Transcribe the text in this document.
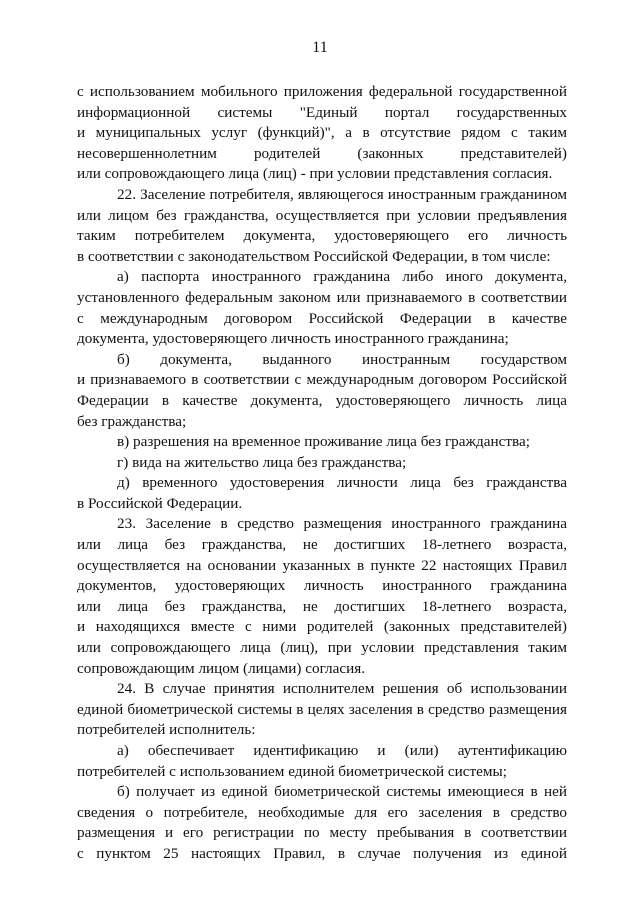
11
с использованием мобильного приложения федеральной государственной
информационной системы "Единый портал государственных
и муниципальных услуг (функций)", а в отсутствие рядом с таким
несовершеннолетним родителей (законных представителей)
или сопровождающего лица (лиц) - при условии представления согласия.
22. Заселение потребителя, являющегося иностранным гражданином
или лицом без гражданства, осуществляется при условии предъявления
таким потребителем документа, удостоверяющего его личность
в соответствии с законодательством Российской Федерации, в том числе:
а) паспорта иностранного гражданина либо иного документа,
установленного федеральным законом или признаваемого в соответствии
с международным договором Российской Федерации в качестве
документа, удостоверяющего личность иностранного гражданина;
б) документа, выданного иностранным государством
и признаваемого в соответствии с международным договором Российской
Федерации в качестве документа, удостоверяющего личность лица
без гражданства;
в) разрешения на временное проживание лица без гражданства;
г) вида на жительство лица без гражданства;
д) временного удостоверения личности лица без гражданства
в Российской Федерации.
23. Заселение в средство размещения иностранного гражданина
или лица без гражданства, не достигших 18-летнего возраста,
осуществляется на основании указанных в пункте 22 настоящих Правил
документов, удостоверяющих личность иностранного гражданина
или лица без гражданства, не достигших 18-летнего возраста,
и находящихся вместе с ними родителей (законных представителей)
или сопровождающего лица (лиц), при условии представления таким
сопровождающим лицом (лицами) согласия.
24. В случае принятия исполнителем решения об использовании
единой биометрической системы в целях заселения в средство размещения
потребителей исполнитель:
а) обеспечивает идентификацию и (или) аутентификацию
потребителей с использованием единой биометрической системы;
б) получает из единой биометрической системы имеющиеся в ней
сведения о потребителе, необходимые для его заселения в средство
размещения и его регистрации по месту пребывания в соответствии
с пунктом 25 настоящих Правил, в случае получения из единой
